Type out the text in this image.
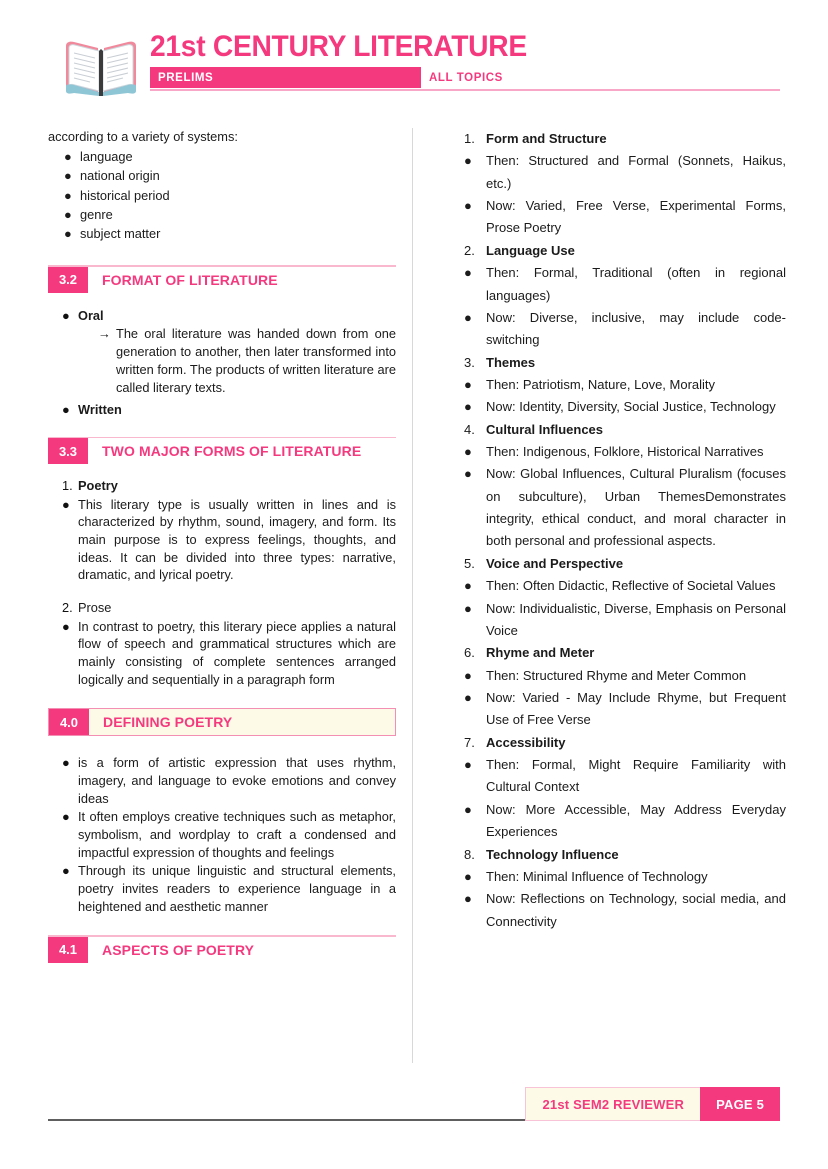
21st CENTURY LITERATURE
PRELIMS	ALL TOPICS

according to a variety of systems:

● language
● national origin
● historical period
● genre
● subject matter
3.2	FORMAT OF LITERATURE
● Oral
→ The oral literature was handed down from one generation to another, then later transformed into written form. The products of written literature are called literary texts.
● Written
3.3	TWO MAJOR FORMS OF LITERATURE
1. Poetry
● This literary type is usually written in lines and is characterized by rhythm, sound, imagery, and form. Its main purpose is to express feelings, thoughts, and ideas. It can be divided into three types: narrative, dramatic, and lyrical poetry.
2. Prose
● In contrast to poetry, this literary piece applies a natural flow of speech and grammatical structures which are mainly consisting of complete sentences arranged logically and sequentially in a paragraph form
4.0	DEFINING POETRY
● is a form of artistic expression that uses rhythm, imagery, and language to evoke emotions and convey ideas
● It often employs creative techniques such as metaphor, symbolism, and wordplay to craft a condensed and impactful expression of thoughts and feelings
● Through its unique linguistic and structural elements, poetry invites readers to experience language in a heightened and aesthetic manner
4.1	ASPECTS OF POETRY
1. Form and Structure
●	Then: Structured and Formal (Sonnets, Haikus, etc.)
●	Now: Varied, Free Verse, Experimental Forms, Prose Poetry
2. Language Use
●	Then: Formal, Traditional (often in regional languages)
●	Now: Diverse, inclusive, may include code-switching
3. Themes
●	Then: Patriotism, Nature, Love, Morality
●	Now: Identity, Diversity, Social Justice, Technology
4. Cultural Influences
●	Then: Indigenous, Folklore, Historical Narratives
●	Now: Global Influences, Cultural Pluralism (focuses on subculture), Urban ThemesDemonstrates integrity, ethical conduct, and moral character in both personal and professional aspects.
5. Voice and Perspective
●	Then: Often Didactic, Reflective of Societal Values
●	Now: Individualistic, Diverse, Emphasis on Personal Voice
6. Rhyme and Meter
●	Then: Structured Rhyme and Meter Common
●	Now: Varied - May Include Rhyme, but Frequent Use of Free Verse
7. Accessibility
●	Then: Formal, Might Require Familiarity with Cultural Context
●	Now: More Accessible, May Address Everyday Experiences
8. Technology Influence
●	Then: Minimal Influence of Technology
●	Now: Reflections on Technology, social media, and Connectivity
21st SEM2 REVIEWER	PAGE 5
